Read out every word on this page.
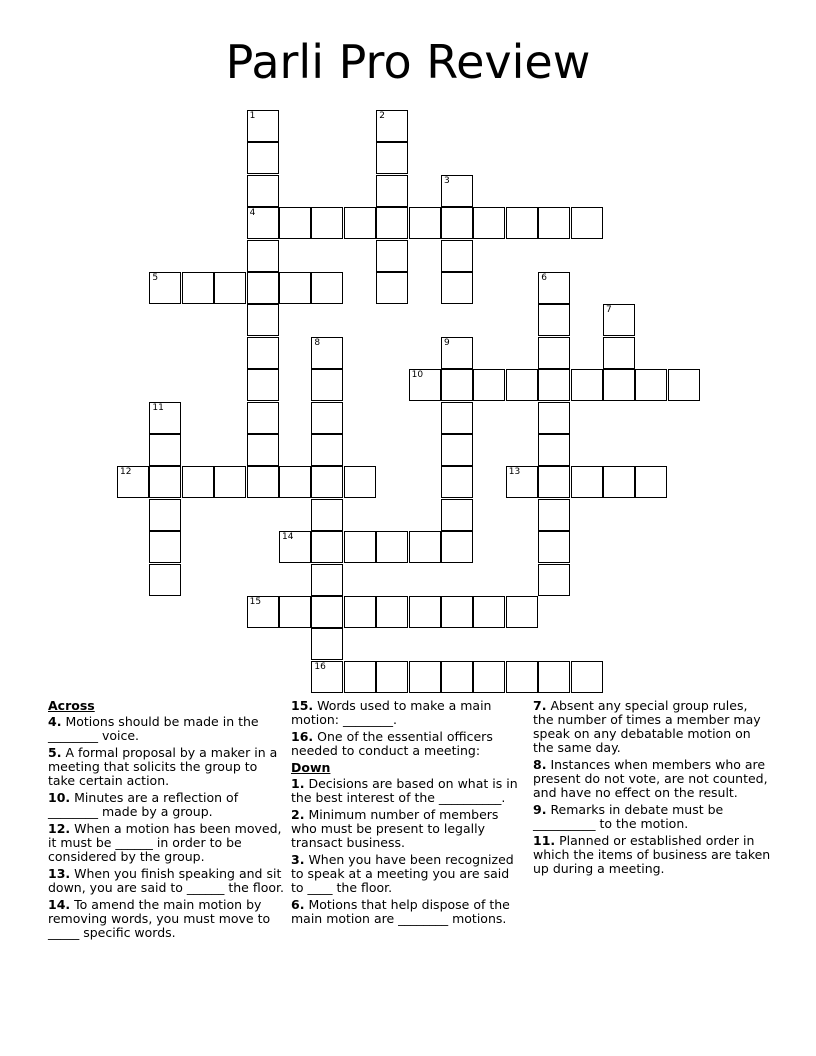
Parli Pro Review
1
4
2
3
5	6
7
8
16
9
10
11
12	13
14
15
Across
4. Motions should be made in the ________ voice.
5. A formal proposal by a maker in a meeting that solicits the group to take certain action.
10. Minutes are a reflection of ________ made by a group.
12. When a motion has been moved, it must be ______ in order to be considered by the group.
13. When you finish speaking and sit down, you are said to ______ the floor.
14. To amend the main motion by removing words, you must move to _____ specific words.
15. Words used to make a main motion: ________.
16. One of the essential officers needed to conduct a meeting:
Down
1. Decisions are based on what is in the best interest of the __________.
2. Minimum number of members who must be present to legally transact business.
3. When you have been recognized to speak at a meeting you are said to ____ the floor.
6. Motions that help dispose of the main motion are ________ motions.
7. Absent any special group rules, the number of times a member may speak on any debatable motion on the same day.
8. Instances when members who are present do not vote, are not counted, and have no effect on the result.
9. Remarks in debate must be __________ to the motion.
11. Planned or established order in which the items of business are taken up during a meeting.
